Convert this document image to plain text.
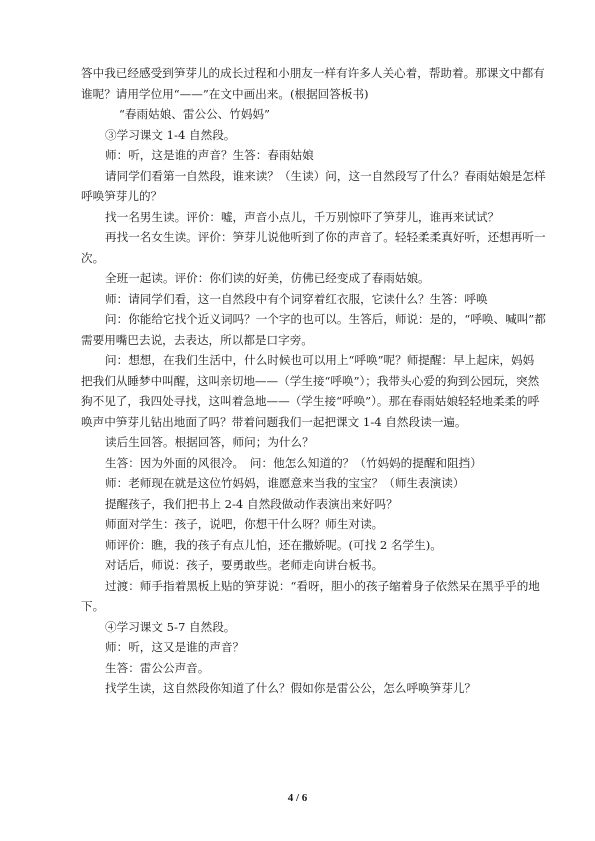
答中我已经感受到笋芽儿的成长过程和小朋友一样有许多人关心着，帮助着。那课文中都有

谁呢？请用学位用“——”在文中画出来。(根据回答板书)

“春雨姑娘、雷公公、竹妈妈”

③学习课文 1-4 自然段。

师：听，这是谁的声音？生答：春雨姑娘

请同学们看第一自然段，谁来读？（生读）问，这一自然段写了什么？春雨姑娘是怎样

呼唤笋芽儿的？

找一名男生读。评价：嘘，声音小点儿，千万别惊吓了笋芽儿，谁再来试试？

再找一名女生读。评价：笋芽儿说他听到了你的声音了。轻轻柔柔真好听，还想再听一

次。

全班一起读。评价：你们读的好美，仿佛已经变成了春雨姑娘。

师：请同学们看，这一自然段中有个词穿着红衣服，它读什么？生答：呼唤

问：你能给它找个近义词吗？一个字的也可以。生答后，师说：是的，“呼唤、喊叫”都

需要用嘴巴去说，去表达，所以都是口字旁。

问：想想，在我们生活中，什么时候也可以用上“呼唤”呢？师提醒：早上起床，妈妈

把我们从睡梦中叫醒，这叫亲切地——（学生接“呼唤”）；我带头心爱的狗到公园玩，突然

狗不见了，我四处寻找，这叫着急地——（学生接“呼唤”）。那在春雨姑娘轻轻地柔柔的呼

唤声中笋芽儿钻出地面了吗？带着问题我们一起把课文 1-4 自然段读一遍。

读后生回答。根据回答，师问；为什么？

生答：因为外面的风很冷。　问：他怎么知道的？（竹妈妈的提醒和阻挡）

师：老师现在就是这位竹妈妈，谁愿意来当我的宝宝？（师生表演读）

提醒孩子，我们把书上 2-4 自然段做动作表演出来好吗？

师面对学生：孩子，说吧，你想干什么呀？师生对读。

师评价：瞧，我的孩子有点儿怕，还在撒娇呢。(可找 2 名学生)。

对话后，师说：孩子，要勇敢些。老师走向讲台板书。

过渡：师手指着黑板上贴的笋芽说：“看呀，胆小的孩子缩着身子依然呆在黑乎乎的地

下。

④学习课文 5-7 自然段。

师：听，这又是谁的声音？

生答：雷公公声音。

找学生读，这自然段你知道了什么？假如你是雷公公，怎么呼唤笋芽儿？

4 / 6
